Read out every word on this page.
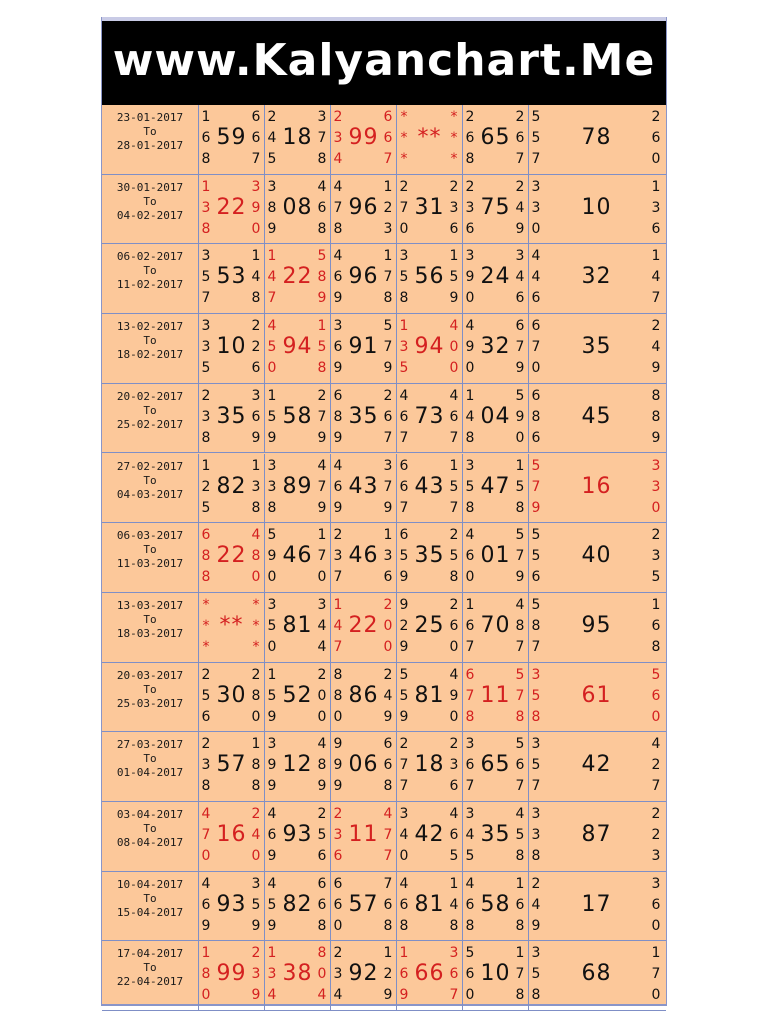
www.Kalyanchart.Me
23-01-2017
To
28-01-2017
1
6
8
59
6
6
7
2
4
5
18
3
7
8
2
3
4
99
6
6
7
*
*
*
**
*
*
*
2
6
8
65
2
6
7
5
5
7
78
2
6
0
30-01-2017
To
04-02-2017
1
3
8
22
3
9
0
3
8
9
08
4
6
8
4
7
8
96
1
2
3
2
7
0
31
2
3
6
2
3
6
75
2
4
9
3
3
0
10
1
3
6
06-02-2017
To
11-02-2017
3
5
7
53
1
4
8
1
4
7
22
5
8
9
4
6
9
96
1
7
8
3
5
8
56
1
5
9
3
9
0
24
3
4
6
4
4
6
32
1
4
7
13-02-2017
To
18-02-2017
3
3
5
10
2
2
6
4
5
0
94
1
5
8
3
6
9
91
5
7
9
1
3
5
94
4
0
0
4
9
0
32
6
7
9
6
7
0
35
2
4
9
20-02-2017
To
25-02-2017
2
3
8
35
3
6
9
1
5
9
58
2
7
9
6
8
9
35
2
6
7
4
6
7
73
4
6
7
1
4
8
04
5
9
0
6
8
6
45
8
8
9
27-02-2017
To
04-03-2017
1
2
5
82
1
3
8
3
3
8
89
4
7
9
4
6
9
43
3
7
9
6
6
7
43
1
5
7
3
5
8
47
1
5
8
5
7
9
16
3
3
0
06-03-2017
To
11-03-2017
6
8
8
22
4
8
0
5
9
0
46
1
7
0
2
3
7
46
1
3
6
6
5
9
35
2
5
8
4
6
0
01
5
7
9
5
5
6
40
2
3
5
13-03-2017
To
18-03-2017
*
*
*
**
*
*
*
3
5
0
81
3
4
4
1
4
7
22
2
0
0
9
2
9
25
2
6
0
1
6
7
70
4
8
7
5
8
7
95
1
6
8
20-03-2017
To
25-03-2017
2
5
6
30
2
8
0
1
5
9
52
2
0
0
8
8
0
86
2
4
9
5
5
9
81
4
9
0
6
7
8
11
5
7
8
3
5
8
61
5
6
0
27-03-2017
To
01-04-2017
2
3
8
57
1
8
8
3
9
9
12
4
8
9
9
9
9
06
6
6
8
2
7
7
18
2
3
6
3
6
7
65
5
6
7
3
5
7
42
4
2
7
03-04-2017
To
08-04-2017
4
7
0
16
2
4
0
4
6
9
93
2
5
6
2
3
6
11
4
7
7
3
4
0
42
4
6
5
3
4
5
35
4
5
8
3
3
8
87
2
2
3
10-04-2017
To
15-04-2017
4
6
9
93
3
5
9
4
5
9
82
6
6
8
6
6
0
57
7
6
8
4
6
8
81
1
4
8
4
6
8
58
1
6
8
2
4
9
17
3
6
0
17-04-2017
To
22-04-2017
1
8
0
99
2
3
9
1
3
4
38
8
0
4
2
3
4
92
1
2
9
1
6
9
66
3
6
7
5
6
0
10
1
7
8
3
5
8
68
1
7
0
